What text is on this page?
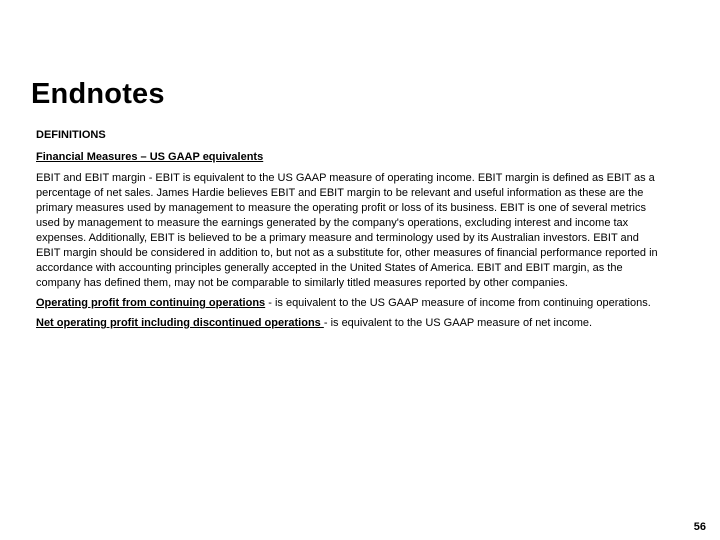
Endnotes

DEFINITIONS

Financial Measures – US GAAP equivalents

EBIT and EBIT margin - EBIT is equivalent to the US GAAP measure of operating income. EBIT margin is defined as EBIT as a percentage of net sales. James Hardie believes EBIT and EBIT margin to be relevant and useful information as these are the primary measures used by management to measure the operating profit or loss of its business. EBIT is one of several metrics used by management to measure the earnings generated by the company's operations, excluding interest and income tax expenses. Additionally, EBIT is believed to be a primary measure and terminology used by its Australian investors. EBIT and EBIT margin should be considered in addition to, but not as a substitute for, other measures of financial performance reported in accordance with accounting principles generally accepted in the United States of America. EBIT and EBIT margin, as the company has defined them, may not be comparable to similarly titled measures reported by other companies.

Operating profit from continuing operations - is equivalent to the US GAAP measure of income from continuing operations.

Net operating profit including discontinued operations - is equivalent to the US GAAP measure of net income.

56
